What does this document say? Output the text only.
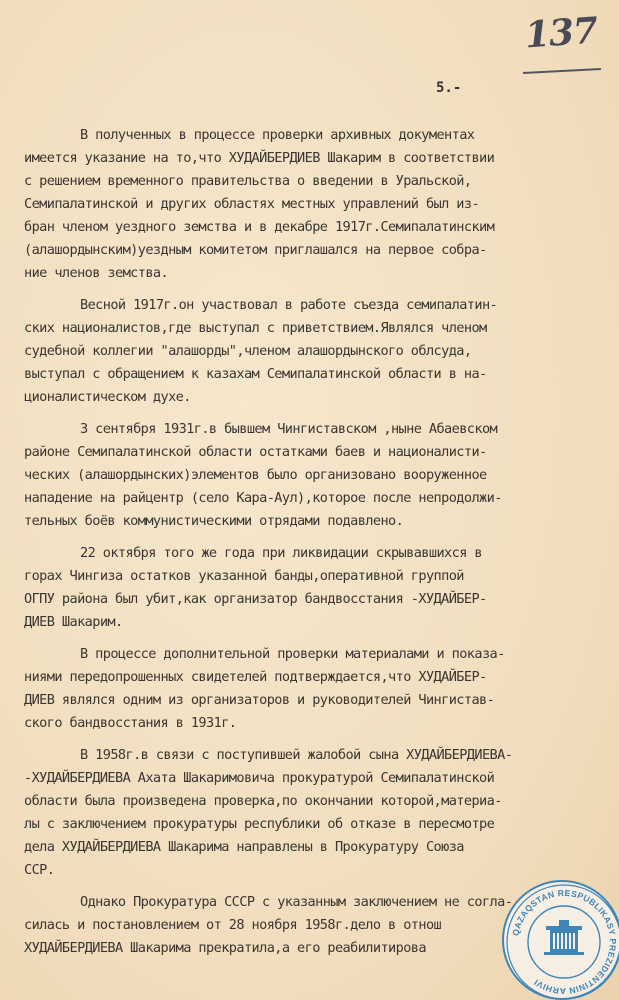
137
5.-
В полученных в процессе проверки архивных документах
имеется указание на то,что ХУДАЙБЕРДИЕВ Шакарим в соответствии
с решением временного правительства о введении в Уральской,
Семипалатинской и других областях местных управлений был из-
бран членом уездного земства и в декабре 1917г.Семипалатинским
(алашордынским)уездным комитетом приглашался на первое собра-
ние членов земства.
Весной 1917г.он участвовал в работе съезда семипалатин-
ских националистов,где выступал с приветствием.Являлся членом
судебной коллегии "алашорды",членом алашордынского облсуда,
выступал с обращением к казахам Семипалатинской области в на-
ционалистическом духе.
3 сентября 1931г.в бывшем Чингиставском ,ныне Абаевском
районе Семипалатинской области остатками баев и националисти-
ческих (алашордынских)элементов было организовано вооруженное
нападение на райцентр (село Кара-Аул),которое после непродолжи-
тельных боёв коммунистическими отрядами подавлено.
22 октября того же года при ликвидации скрывавшихся в
горах Чингиза остатков указанной банды,оперативной группой
ОГПУ района был убит,как организатор бандвосстания -ХУДАЙБЕР-
ДИЕВ Шакарим.
В процессе дополнительной проверки материалами и показа-
ниями передопрошенных свидетелей подтверждается,что ХУДАЙБЕР-
ДИЕВ являлся одним из организаторов и руководителей Чингистав-
ского бандвосстания в 1931г.
В 1958г.в связи с поступившей жалобой сына ХУДАЙБЕРДИЕВА-
-ХУДАЙБЕРДИЕВА Ахата Шакаримовича прокуратурой Семипалатинской
области была произведена проверка,по окончании которой,материа-
лы с заключением прокуратуры республики об отказе в пересмотре
дела ХУДАЙБЕРДИЕВА Шакарима направлены в Прокуратуру Союза
ССР.
Однако Прокуратура СССР с указанным заключением не согла-
силась и постановлением от 28 ноября 1958г.дело в отнош
ХУДАЙБЕРДИЕВА Шакарима прекратила,а его реабилитирова
QAZAQSTAN RESPUBLIKASY PREZIDENTININ ARHIVI
